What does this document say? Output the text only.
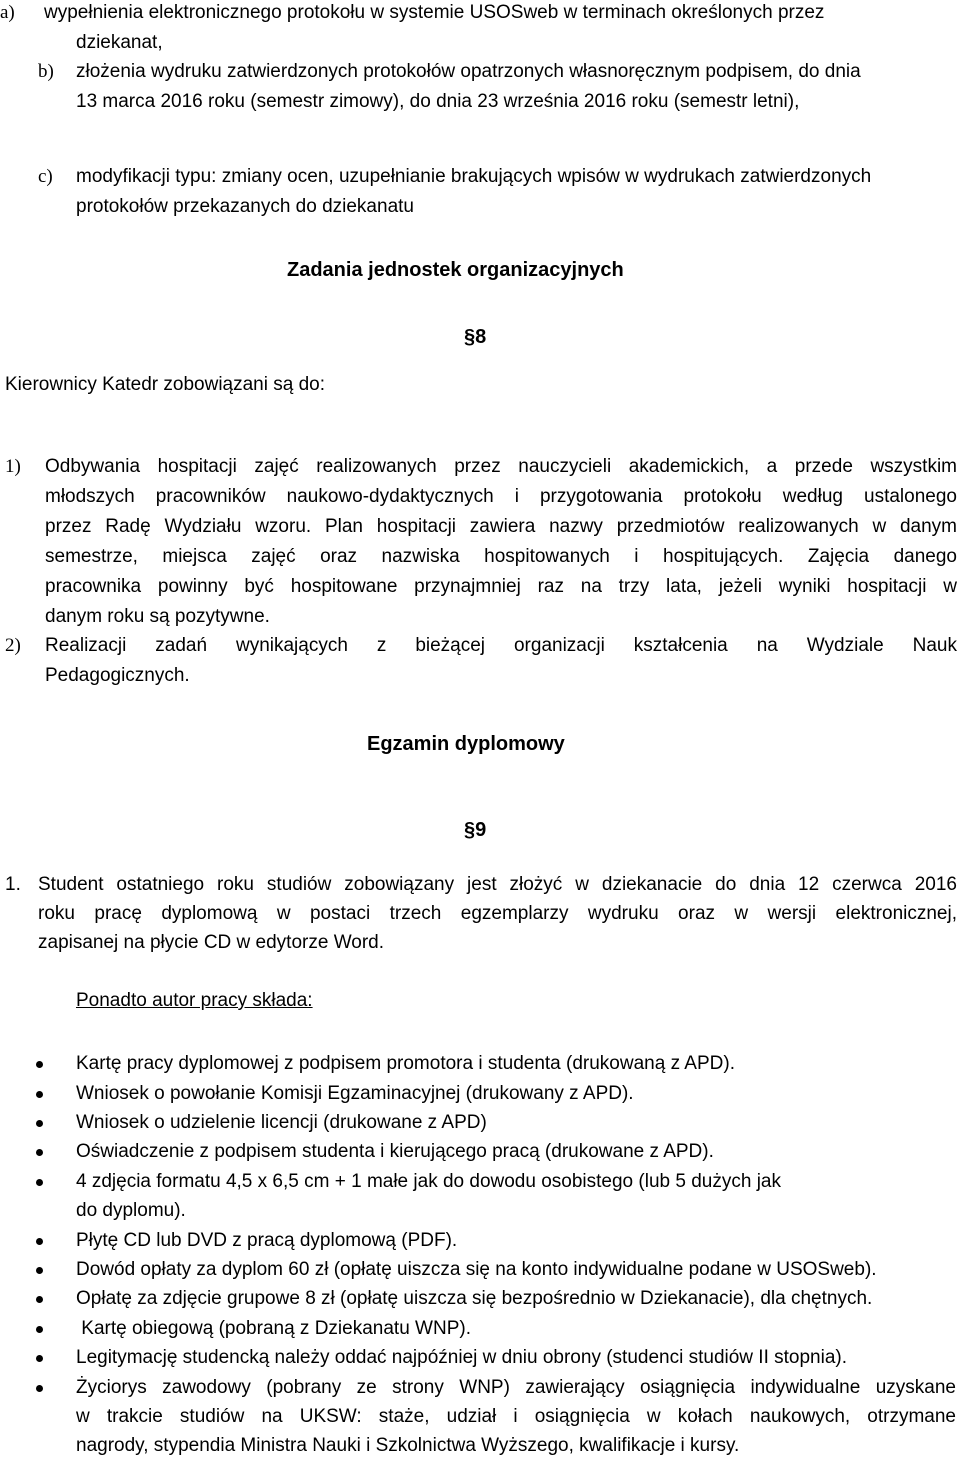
a) wypełnienia elektronicznego protokołu w systemie USOSweb w terminach określonych przez
dziekanat,
b) złożenia wydruku zatwierdzonych protokołów opatrzonych własnoręcznym podpisem, do dnia
13 marca 2016 roku (semestr zimowy), do dnia 23 września 2016 roku (semestr letni),
c) modyfikacji typu: zmiany ocen, uzupełnianie brakujących wpisów w wydrukach zatwierdzonych
protokołów przekazanych do dziekanatu
Zadania jednostek organizacyjnych
§8
Kierownicy Katedr zobowiązani są do:
1) Odbywania hospitacji zajęć realizowanych przez nauczycieli akademickich, a przede wszystkim
młodszych pracowników naukowo-dydaktycznych i przygotowania protokołu według ustalonego
przez Radę Wydziału wzoru. Plan hospitacji zawiera nazwy przedmiotów realizowanych w danym
semestrze, miejsca zajęć oraz nazwiska hospitowanych i hospitujących. Zajęcia danego
pracownika powinny być hospitowane przynajmniej raz na trzy lata, jeżeli wyniki hospitacji w
danym roku są pozytywne.
2) Realizacji zadań wynikających z bieżącej organizacji kształcenia na Wydziale Nauk
Pedagogicznych.
Egzamin dyplomowy
§9
1. Student ostatniego roku studiów zobowiązany jest złożyć w dziekanacie do dnia 12 czerwca 2016
roku pracę dyplomową w postaci trzech egzemplarzy wydruku oraz w wersji elektronicznej,
zapisanej na płycie CD w edytorze Word.
Ponadto autor pracy składa:
Kartę pracy dyplomowej z podpisem promotora i studenta (drukowaną z APD).
Wniosek o powołanie Komisji Egzaminacyjnej (drukowany z APD).
Wniosek o udzielenie licencji (drukowane z APD)
Oświadczenie z podpisem studenta i kierującego pracą (drukowane z APD).
4 zdjęcia formatu 4,5 x 6,5 cm + 1 małe jak do dowodu osobistego (lub 5 dużych jak
do dyplomu).
Płytę CD lub DVD z pracą dyplomową (PDF).
Dowód opłaty za dyplom 60 zł (opłatę uiszcza się na konto indywidualne podane w USOSweb).
Opłatę za zdjęcie grupowe 8 zł (opłatę uiszcza się bezpośrednio w Dziekanacie), dla chętnych.
Kartę obiegową (pobraną z Dziekanatu WNP).
Legitymację studencką należy oddać najpóźniej w dniu obrony (studenci studiów II stopnia).
Życiorys zawodowy (pobrany ze strony WNP) zawierający osiągnięcia indywidualne uzyskane
w trakcie studiów na UKSW: staże, udział i osiągnięcia w kołach naukowych, otrzymane
nagrody, stypendia Ministra Nauki i Szkolnictwa Wyższego, kwalifikacje i kursy.
